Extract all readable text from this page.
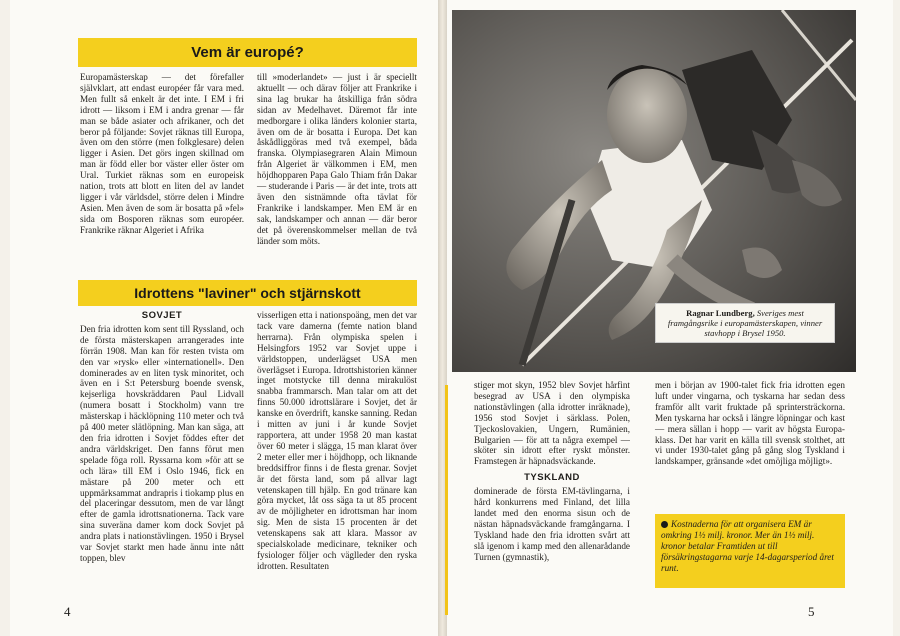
Vem är europé?

Europamästerskap — det förefaller självklart, att endast européer får vara med. Men fullt så enkelt är det inte. I EM i fri idrott — liksom i EM i andra grenar — får man se både asiater och afrikaner, och det beror på följande: Sovjet räknas till Europa, även om den större (men folkglesare) delen ligger i Asien. Det görs ingen skillnad om man är född eller bor väster eller öster om Ural. Turkiet räknas som en europeisk nation, trots att blott en liten del av landet ligger i vår världsdel, större delen i Mindre Asien. Men även de som är bosatta på »fel» sida om Bosporen räknas som européer. Frankrike räknar Algeriet i Afrika

till »moderlandet» — just i är speciellt aktuellt — och därav följer att Frankrike i sina lag brukar ha åtskilliga från södra sidan av Medelhavet. Däremot får inte medborgare i olika länders kolonier starta, även om de är bosatta i Europa. Det kan åskådliggöras med två exempel, båda franska. Olympiasegraren Alain Mimoun från Algeriet är välkommen i EM, men höjdhopparen Papa Galo Thiam från Dakar — studerande i Paris — är det inte, trots att även den sistnämnde ofta tävlat för Frankrike i landskamper. Men EM är en sak, landskamper och annan — där beror det på överenskommelser mellan de två länder som möts.

Idrottens "laviner" och stjärnskott
SOVJET

Den fria idrotten kom sent till Ryssland, och de första mästerskapen arrangerades inte förrän 1908. Man kan för resten tvista om den var »rysk» eller »internationell». Den dominerades av en liten tysk minoritet, och även en i S:t Petersburg boende svensk, kejserliga hovskräddaren Paul Lidvall (numera bosatt i Stockholm) vann tre mästerskap i häcklöpning 110 meter och två på 400 meter slätlöpning. Man kan säga, att den fria idrotten i Sovjet föddes efter det andra världskriget. Den fanns förut men spelade föga roll. Ryssarna kom »för att se och lära» till EM i Oslo 1946, fick en mästare på 200 meter och ett uppmärksammat andrapris i tiokamp plus en del placeringar dessutom, men de var långt efter de gamla idrottsnationerna. Tack vare sina suveräna damer kom dock Sovjet på andra plats i nationstävlingen. 1950 i Brysel var Sovjet starkt men hade ännu inte nått toppen, blev

visserligen etta i nationspoäng, men det var tack vare damerna (femte nation bland herrarna). Från olympiska spelen i Helsingfors 1952 var Sovjet uppe i världstoppen, underlägset USA men överlägset i Europa. Idrottshistorien känner inget motstycke till denna mirakulöst snabba frammarsch. Man talar om att det finns 50.000 idrottslärare i Sovjet, det är kanske en överdrift, kanske sanning. Redan i mitten av juni i år kunde Sovjet rapportera, att under 1958 20 man kastat över 60 meter i slägga, 15 man klarat över 2 meter eller mer i höjdhopp, och liknande breddsiffror finns i de flesta grenar. Sovjet är det första land, som på allvar lagt vetenskapen till hjälp. En god tränare kan göra mycket, låt oss säga ta ut 85 procent av de möjligheter en idrottsman har inom sig. Men de sista 15 procenten är det vetenskapens sak att klara. Massor av specialskolade medicinare, tekniker och fysiologer följer och väglleder den ryska idrotten. Resultaten

4
Ragnar Lundberg, Sveriges mest framgångsrike i europamästerskapen, vinner stavhopp i Brysel 1950.

stiger mot skyn, 1952 blev Sovjet hårfint besegrad av USA i den olympiska nationstävlingen (alla idrotter inräknade), 1956 stod Sovjet i särklass. Polen, Tjeckoslovakien, Ungern, Rumänien, Bulgarien — för att ta några exempel — sköter sin idrott efter ryskt mönster. Framstegen är häpnadsväckande.

TYSKLAND

dominerade de första EM-tävlingarna, i hård konkurrens med Finland, det lilla landet med den enorma sisun och de nästan häpnadsväckande framgångarna. I Tyskland hade den fria idrotten svårt att slå igenom i kamp med den allenarådande Turnen (gymnastik),

men i början av 1900-talet fick fria idrotten egen luft under vingarna, och tyskarna har sedan dess framför allt varit fruktade på sprintersträckorna. Men tyskarna har också i längre löpningar och kast — mera sällan i hopp — varit av högsta Europa-klass. Det har varit en källa till svensk stolthet, att vi under 1930-talet gång på gång slog Tyskland i landskamper, gränsande »det omöjliga möjligt».

Kostnaderna för att organisera EM är omkring 1½ milj. kronor. Mer än 1½ milj. kronor betalar Framtiden ut till försäkringstagarna varje 14-dagarsperiod året runt.
5
